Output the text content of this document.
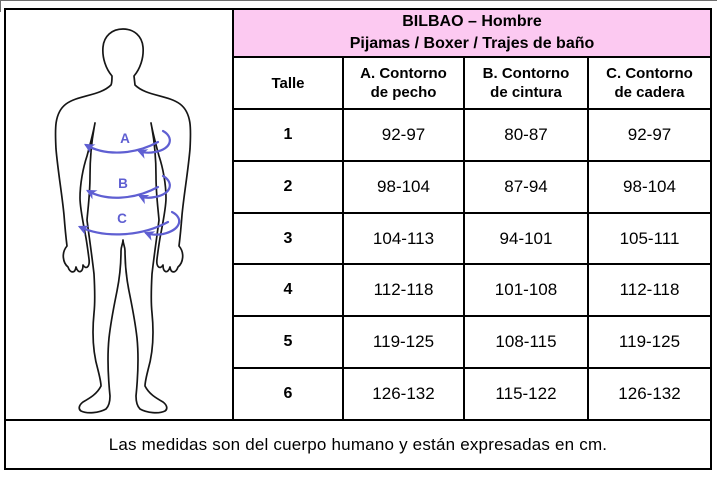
A
B
C
BILBAO – Hombre
Pijamas / Boxer / Trajes de baño
Talle
A. Contorno
de pecho
B. Contorno
de cintura
C. Contorno
de cadera
1	92-97	80-87	92-97
2	98-104	87-94	98-104
3	104-113	94-101	105-111
4	112-118	101-108	112-118
5	119-125	108-115	119-125
6	126-132	115-122	126-132
Las medidas son del cuerpo humano y están expresadas en cm.
